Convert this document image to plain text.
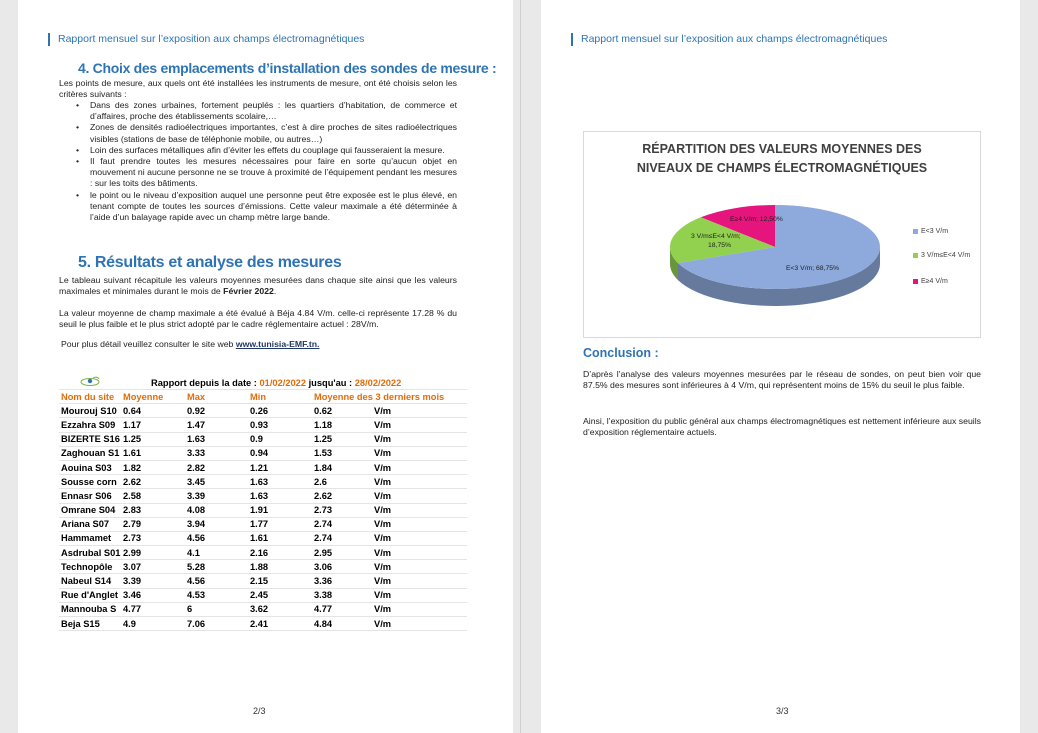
Rapport mensuel sur l’exposition aux champs électromagnétiques
4. Choix des emplacements d’installation des sondes de mesure :
Les points de mesure, aux quels ont été installées les instruments de mesure, ont été choisis selon les critères suivants :
• Dans des zones urbaines, fortement peuplés : les quartiers d’habitation, de commerce et d’affaires, proche des établissements scolaire,…
• Zones de densités radioélectriques importantes, c’est à dire proches de sites radioélectriques visibles (stations de base de téléphonie mobile, ou autres…)
• Loin des surfaces métalliques afin d’éviter les effets du couplage qui fausseraient la mesure.
• Il faut prendre toutes les mesures nécessaires pour faire en sorte qu’aucun objet en mouvement ni aucune personne ne se trouve à proximité de l’équipement pendant les mesures : sur les toits des bâtiments.
• le point ou le niveau d’exposition auquel une personne peut être exposée est le plus élevé, en tenant compte de toutes les sources d’émissions. Cette valeur maximale a été déterminée à l’aide d’un balayage rapide avec un champ mètre large bande.
5. Résultats et analyse des mesures
Le tableau suivant récapitule les valeurs moyennes mesurées dans chaque site ainsi que les valeurs maximales et minimales durant le mois de Février 2022.
La valeur moyenne de champ maximale a été évalué à Béja 4.84 V/m. celle-ci représente 17.28 % du seuil le plus faible et le plus strict adopté par le cadre réglementaire actuel : 28V/m.
Pour plus détail veuillez consulter le site web www.tunisia-EMF.tn.
	Rapport depuis la date : 01/02/2022 jusqu'au : 28/02/2022			
Nom du site	Moyenne	Max	Min	Moyenne des 3 derniers mois
Mourouj S10	0.64	0.92	0.26	0.62 V/m
Ezzahra S09	1.17	1.47	0.93	1.18 V/m
BIZERTE S16	1.25	1.63	0.9	1.25 V/m
Zaghouan S1	1.61	3.33	0.94	1.53 V/m
Aouina S03	1.82	2.82	1.21	1.84 V/m
Sousse corn	2.62	3.45	1.63	2.6 V/m
Ennasr S06	2.58	3.39	1.63	2.62 V/m
Omrane S04	2.83	4.08	1.91	2.73 V/m
Ariana S07	2.79	3.94	1.77	2.74 V/m
Hammamet	2.73	4.56	1.61	2.74 V/m
Asdrubal S01	2.99	4.1	2.16	2.95 V/m
Technopôle	3.07	5.28	1.88	3.06 V/m
Nabeul S14	3.39	4.56	2.15	3.36 V/m
Rue d'Anglet	3.46	4.53	2.45	3.38 V/m
Mannouba S	4.77	6	3.62	4.77 V/m
Beja S15	4.9	7.06	2.41	4.84 V/m
2/3
Rapport mensuel sur l’exposition aux champs électromagnétiques
RÉPARTITION DES VALEURS MOYENNES DES
NIVEAUX DE CHAMPS ÉLECTROMAGNÉTIQUES
E≥4 V/m; 12,50%
3 V/m≤E<4 V/m;
18,75%
E<3 V/m; 68,75%
E<3 V/m
3 V/m≤E<4 V/m
E≥4 V/m
Conclusion :
D’après l’analyse des valeurs moyennes mesurées par le réseau de sondes, on peut bien voir que 87.5% des mesures sont inférieures à 4 V/m, qui représentent moins de 15% du seuil le plus faible.
Ainsi, l’exposition du public général aux champs électromagnétiques est nettement inférieure aux seuils d’exposition réglementaire actuels.
3/3
